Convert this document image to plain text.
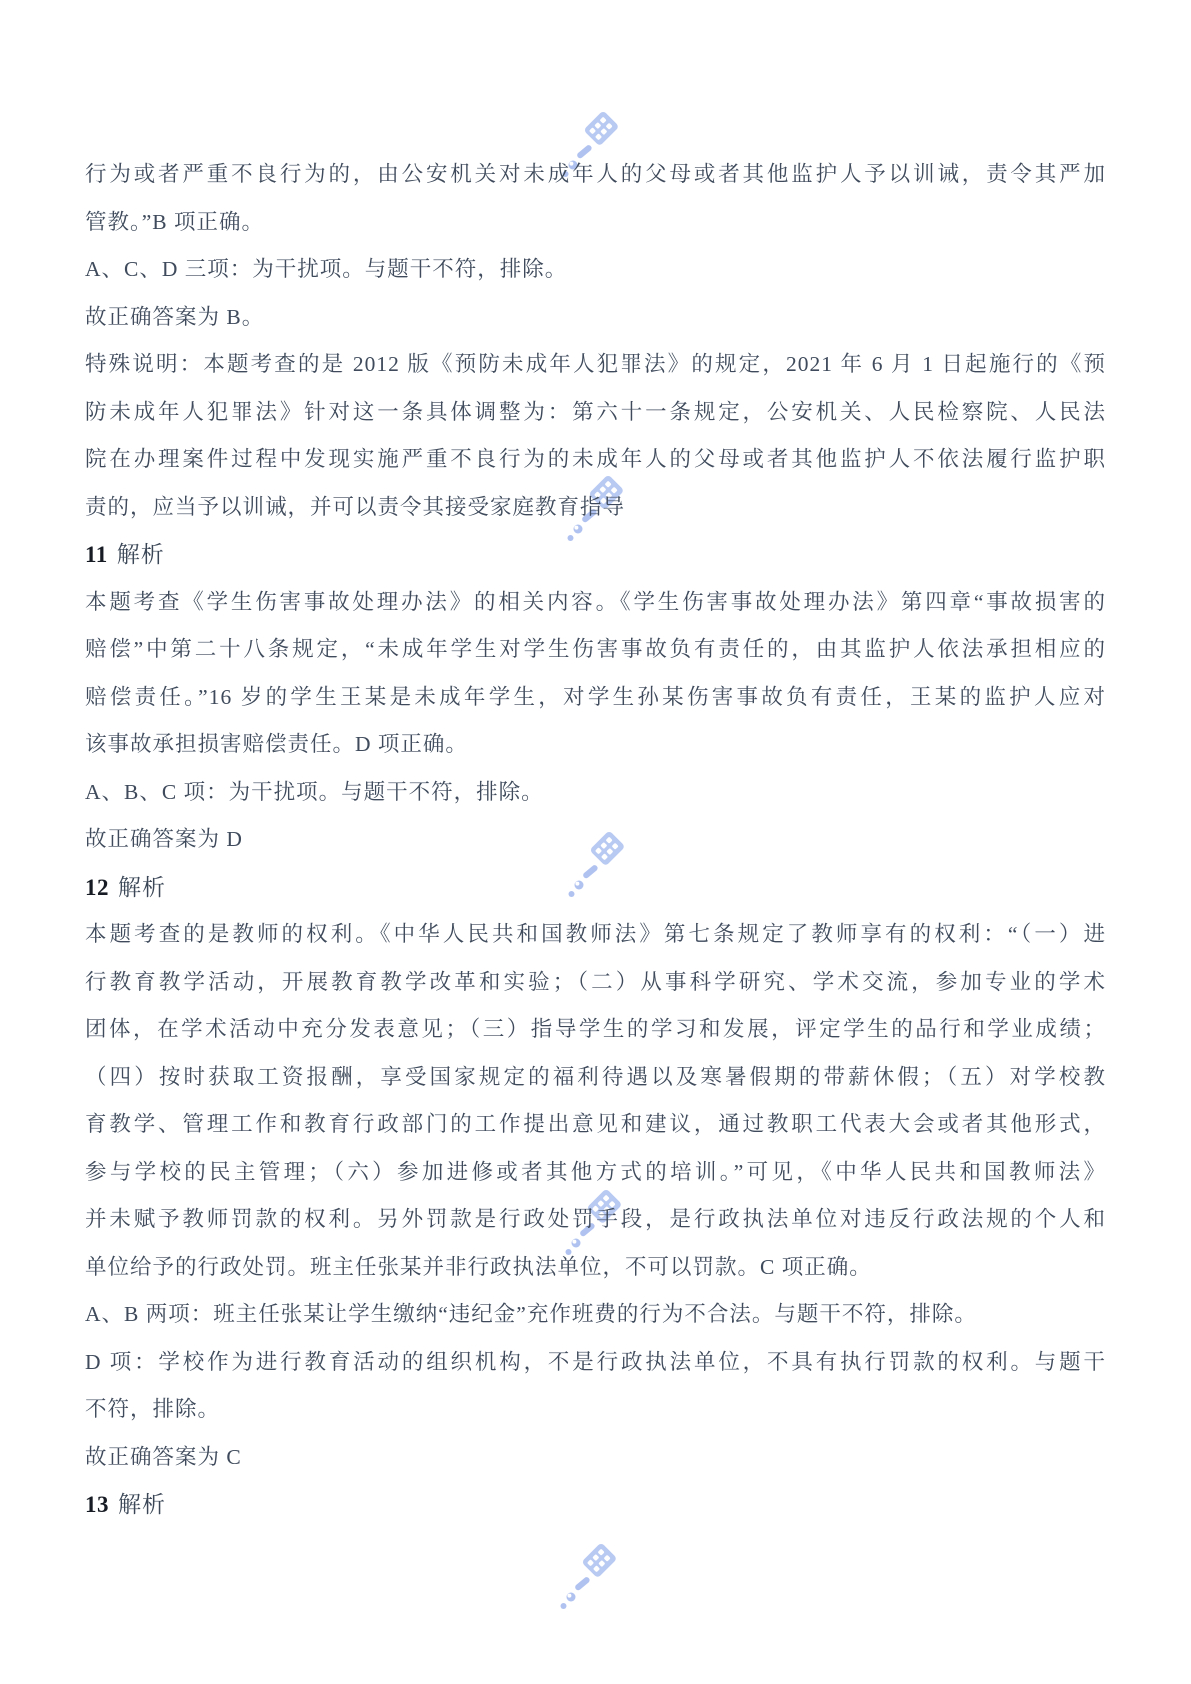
行为或者严重不良行为的，由公安机关对未成年人的父母或者其他监护人予以训诫，责令其严加
管教。”B 项正确。
A、C、D 三项：为干扰项。与题干不符，排除。
故正确答案为 B。
特殊说明：本题考查的是 2012 版《预防未成年人犯罪法》的规定，2021 年 6 月 1 日起施行的《预
防未成年人犯罪法》针对这一条具体调整为：第六十一条规定，公安机关、人民检察院、人民法
院在办理案件过程中发现实施严重不良行为的未成年人的父母或者其他监护人不依法履行监护职
责的，应当予以训诫，并可以责令其接受家庭教育指导
11 解析
本题考查《学生伤害事故处理办法》的相关内容。《学生伤害事故处理办法》第四章“事故损害的
赔偿”中第二十八条规定，“未成年学生对学生伤害事故负有责任的，由其监护人依法承担相应的
赔偿责任。”16 岁的学生王某是未成年学生，对学生孙某伤害事故负有责任，王某的监护人应对
该事故承担损害赔偿责任。D 项正确。
A、B、C 项：为干扰项。与题干不符，排除。
故正确答案为 D
12 解析
本题考查的是教师的权利。《中华人民共和国教师法》第七条规定了教师享有的权利：“（一）进
行教育教学活动，开展教育教学改革和实验；（二）从事科学研究、学术交流，参加专业的学术
团体，在学术活动中充分发表意见；（三）指导学生的学习和发展，评定学生的品行和学业成绩；
（四）按时获取工资报酬，享受国家规定的福利待遇以及寒暑假期的带薪休假；（五）对学校教
育教学、管理工作和教育行政部门的工作提出意见和建议，通过教职工代表大会或者其他形式，
参与学校的民主管理；（六）参加进修或者其他方式的培训。”可见，《中华人民共和国教师法》
并未赋予教师罚款的权利。另外罚款是行政处罚手段，是行政执法单位对违反行政法规的个人和
单位给予的行政处罚。班主任张某并非行政执法单位，不可以罚款。C 项正确。
A、B 两项：班主任张某让学生缴纳“违纪金”充作班费的行为不合法。与题干不符，排除。
D 项：学校作为进行教育活动的组织机构，不是行政执法单位，不具有执行罚款的权利。与题干
不符，排除。
故正确答案为 C
13 解析
